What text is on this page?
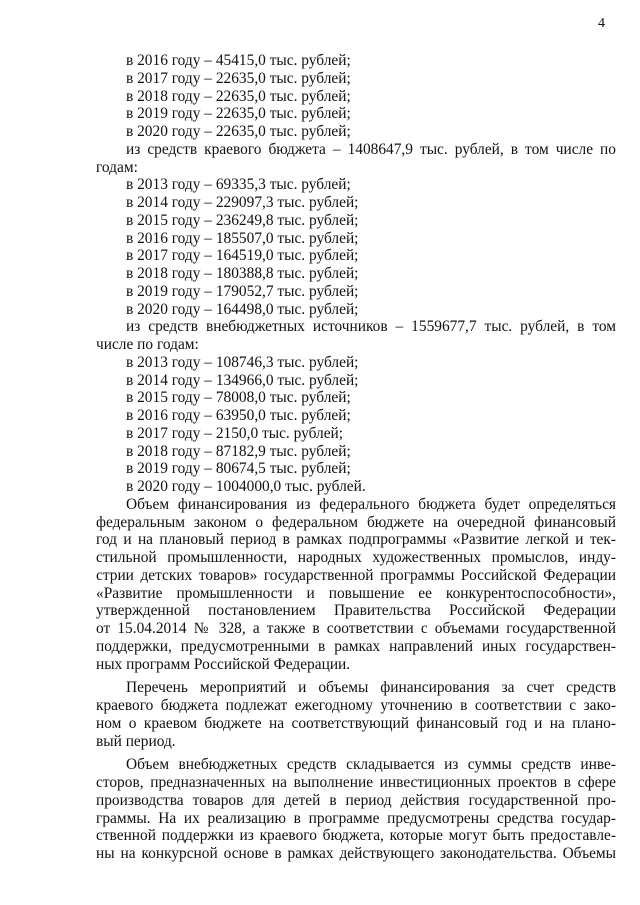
4
в 2016 году – 45415,0 тыс. рублей;
в 2017 году – 22635,0 тыс. рублей;
в 2018 году – 22635,0 тыс. рублей;
в 2019 году – 22635,0 тыс. рублей;
в 2020 году – 22635,0 тыс. рублей;
из средств краевого бюджета – 1408647,9 тыс. рублей, в том числе по
годам:
в 2013 году – 69335,3 тыс. рублей;
в 2014 году – 229097,3 тыс. рублей;
в 2015 году – 236249,8 тыс. рублей;
в 2016 году – 185507,0 тыс. рублей;
в 2017 году – 164519,0 тыс. рублей;
в 2018 году – 180388,8 тыс. рублей;
в 2019 году – 179052,7 тыс. рублей;
в 2020 году – 164498,0 тыс. рублей;
из средств внебюджетных источников – 1559677,7 тыс. рублей, в том
числе по годам:
в 2013 году – 108746,3 тыс. рублей;
в 2014 году – 134966,0 тыс. рублей;
в 2015 году – 78008,0 тыс. рублей;
в 2016 году – 63950,0 тыс. рублей;
в 2017 году – 2150,0 тыс. рублей;
в 2018 году – 87182,9 тыс. рублей;
в 2019 году – 80674,5 тыс. рублей;
в 2020 году – 1004000,0 тыс. рублей.
Объем финансирования из федерального бюджета будет определяться
федеральным законом о федеральном бюджете на очередной финансовый
год и на плановый период в рамках подпрограммы «Развитие легкой и тек-
стильной промышленности, народных художественных промыслов, инду-
стрии детских товаров» государственной программы Российской Федерации
«Развитие промышленности и повышение ее конкурентоспособности»,
утвержденной постановлением Правительства Российской Федерации
от 15.04.2014 № 328, а также в соответствии с объемами государственной
поддержки, предусмотренными в рамках направлений иных государствен-
ных программ Российской Федерации.
Перечень мероприятий и объемы финансирования за счет средств
краевого бюджета подлежат ежегодному уточнению в соответствии с зако-
ном о краевом бюджете на соответствующий финансовый год и на плано-
вый период.
Объем внебюджетных средств складывается из суммы средств инве-
сторов, предназначенных на выполнение инвестиционных проектов в сфере
производства товаров для детей в период действия государственной про-
граммы. На их реализацию в программе предусмотрены средства государ-
ственной поддержки из краевого бюджета, которые могут быть предоставле-
ны на конкурсной основе в рамках действующего законодательства. Объемы
